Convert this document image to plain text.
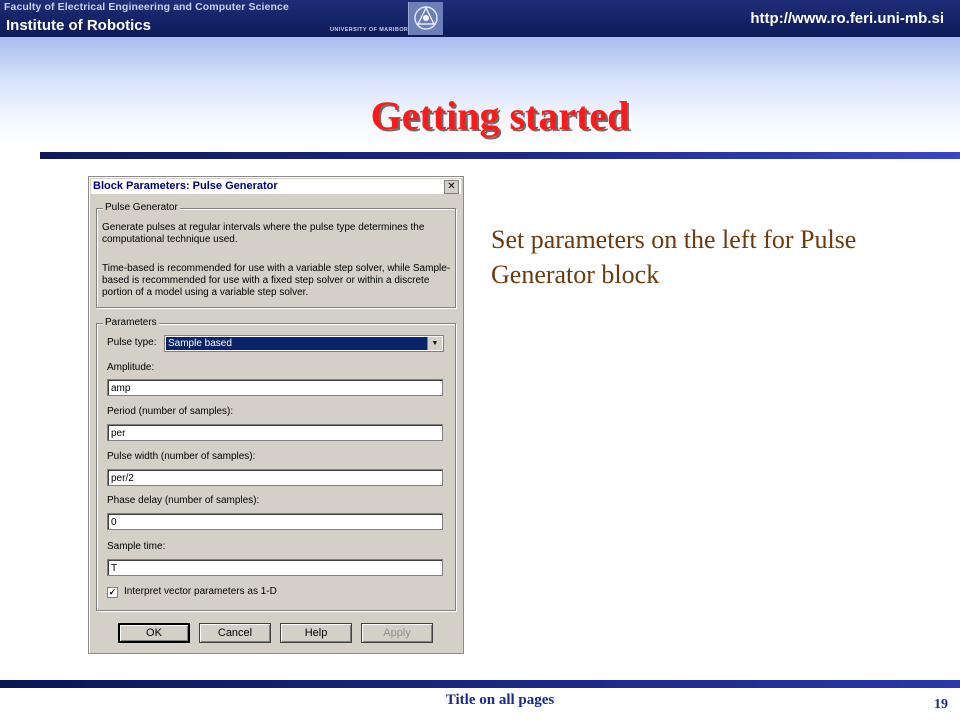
Faculty of Electrical Engineering and Computer Science
Institute of Robotics	UNIVERSITY OF MARIBOR
http://www.ro.feri.uni-mb.si
Getting started
Block Parameters: Pulse Generator	✕
Pulse Generator
Generate pulses at regular intervals where the pulse type determines the computational technique used.
Time-based is recommended for use with a variable step solver, while Sample-based is recommended for use with a fixed step solver or within a discrete portion of a model using a variable step solver.
Parameters
Pulse type: Sample based	▼
Amplitude:
amp
Period (number of samples):
per
Pulse width (number of samples):
per/2
Phase delay (number of samples):
0
Sample time:
T
✓ Interpret vector parameters as 1-D
OK	Cancel	Help	Apply
Set parameters on the left for Pulse Generator block
Title on all pages	19
